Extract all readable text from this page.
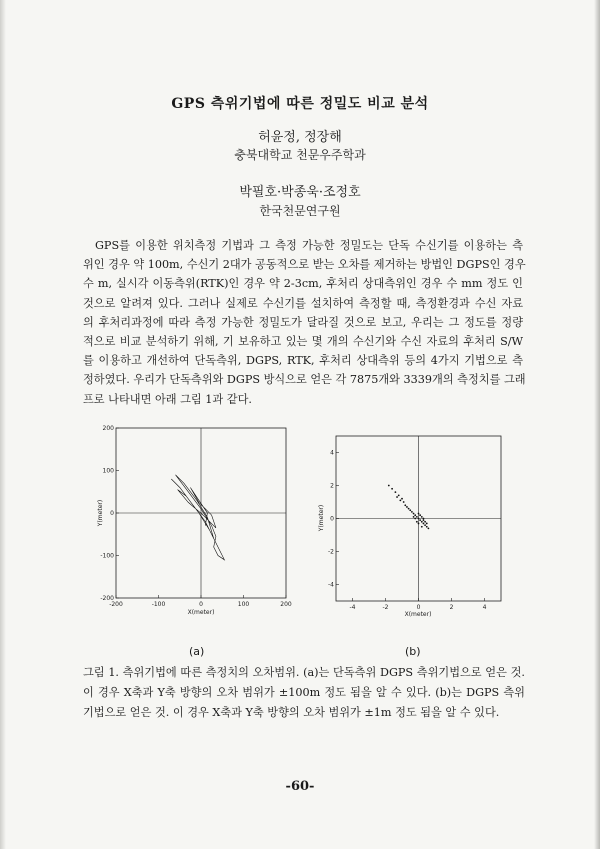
GPS 측위기법에 따른 정밀도 비교 분석
허윤정, 정장해
충북대학교 천문우주학과
박필호·박종욱·조정호
한국천문연구원

GPS를 이용한 위치측정 기법과 그 측정 가능한 정밀도는 단독 수신기를 이용하는 측
위인 경우 약 100m, 수신기 2대가 공동적으로 받는 오차를 제거하는 방법인 DGPS인 경우
수 m, 실시각 이동측위(RTK)인 경우 약 2-3cm, 후처리 상대측위인 경우 수 mm 정도 인
것으로 알려져 있다. 그러나 실제로 수신기를 설치하여 측정할 때, 측정환경과 수신 자료
의 후처리과정에 따라 측정 가능한 정밀도가 달라질 것으로 보고, 우리는 그 정도를 정량
적으로 비교 분석하기 위해, 기 보유하고 있는 몇 개의 수신기와 수신 자료의 후처리 S/W
를 이용하고 개선하여 단독측위, DGPS, RTK, 후처리 상대측위 등의 4가지 기법으로 측
정하였다. 우리가 단독측위와 DGPS 방식으로 얻은 각 7875개와 3339개의 측정치를 그래
프로 나타내면 아래 그림 1과 같다.

-200	-100	0	100	200
200
100
0
-100
-200
X(meter)
Y(meter)
-4	-2	0	2	4
4
2
0
-2
-4
X(meter)
Y(meter)
(a)	(b)

그림 1. 측위기법에 따른 측정치의 오차범위. (a)는 단독측위 DGPS 측위기법으로 얻은 것.
이 경우 X축과 Y축 방향의 오차 범위가 ±100m 정도 됨을 알 수 있다. (b)는 DGPS 측위
기법으로 얻은 것. 이 경우 X축과 Y축 방향의 오차 범위가 ±1m 정도 됨을 알 수 있다.

-60-
